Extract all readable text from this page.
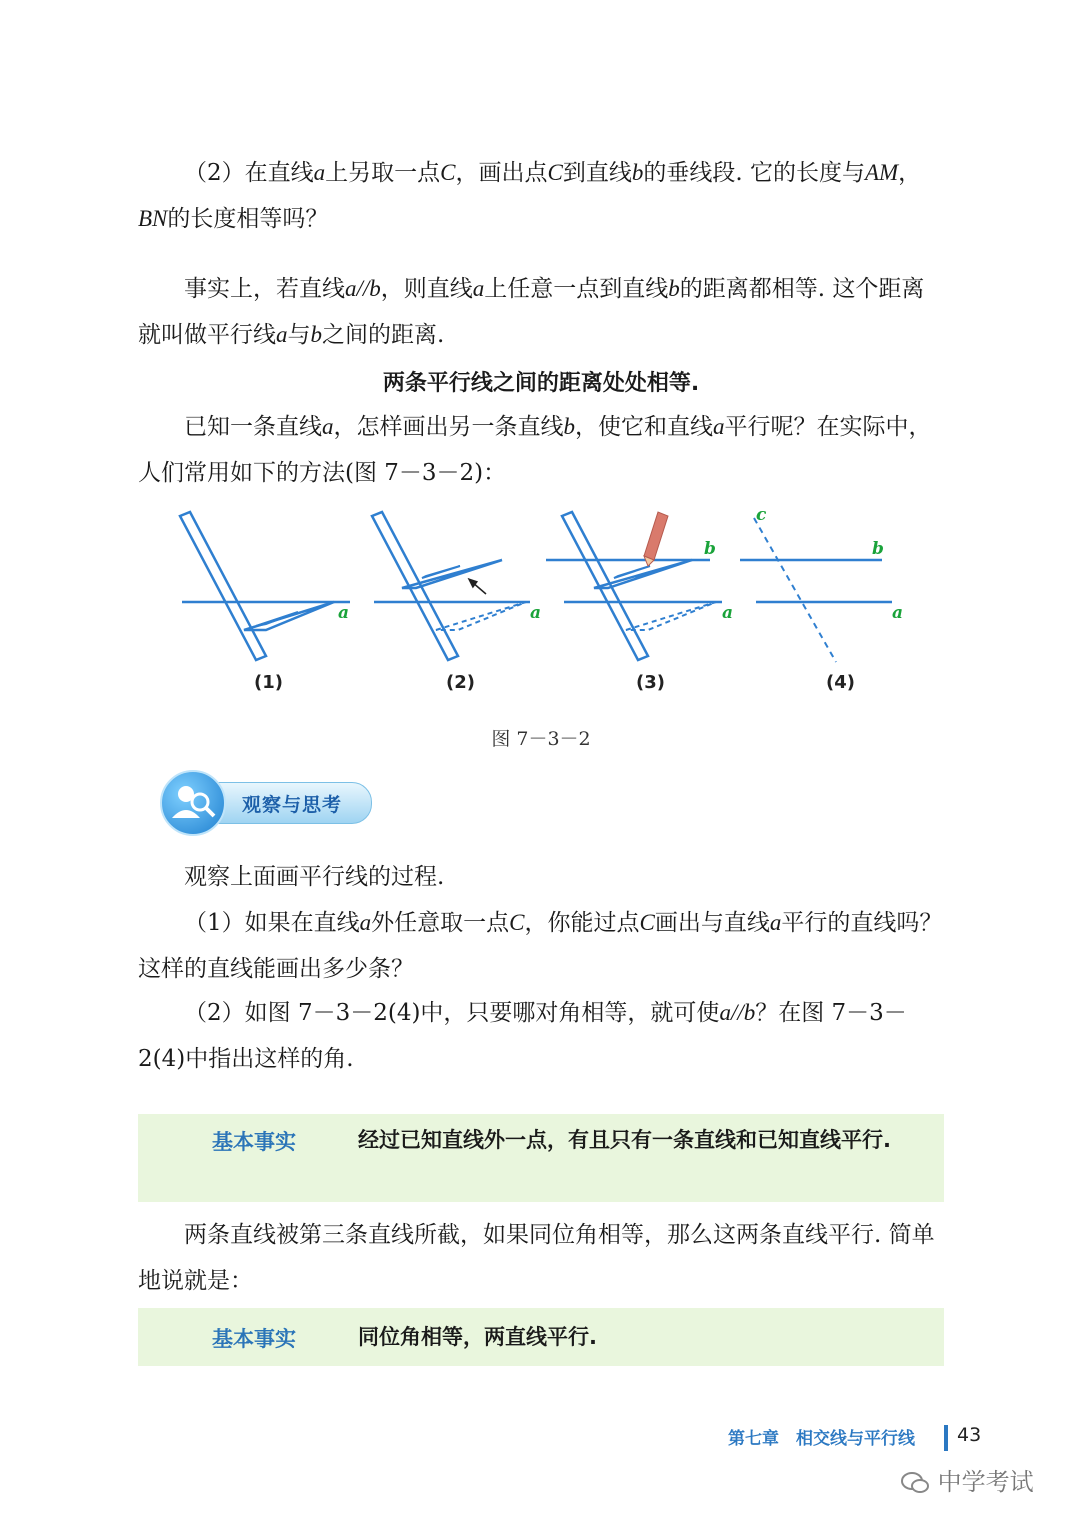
（2）在直线a上另取一点C，画出点C到直线b的垂线段. 它的长度与AM，BN的长度相等吗？

事实上，若直线a//b，则直线a上任意一点到直线b的距离都相等. 这个距离就叫做平行线a与b之间的距离.

两条平行线之间的距离处处相等.

已知一条直线a，怎样画出另一条直线b，使它和直线a平行呢？在实际中，人们常用如下的方法(图 7－3－2)：

a	a	a	a
b	b
c
(1)	(2)	(3)	(4)
图 7－3－2
观察与思考

观察上面画平行线的过程.

（1）如果在直线a外任意取一点C，你能过点C画出与直线a平行的直线吗？这样的直线能画出多少条？

（2）如图 7－3－2(4)中，只要哪对角相等，就可使a//b？在图 7－3－2(4)中指出这样的角.

基本事实	经过已知直线外一点，有且只有一条直线和已知直线平行.

两条直线被第三条直线所截，如果同位角相等，那么这两条直线平行. 简单地说就是：

基本事实	同位角相等，两直线平行.
第七章　相交线与平行线 43
中学考试
